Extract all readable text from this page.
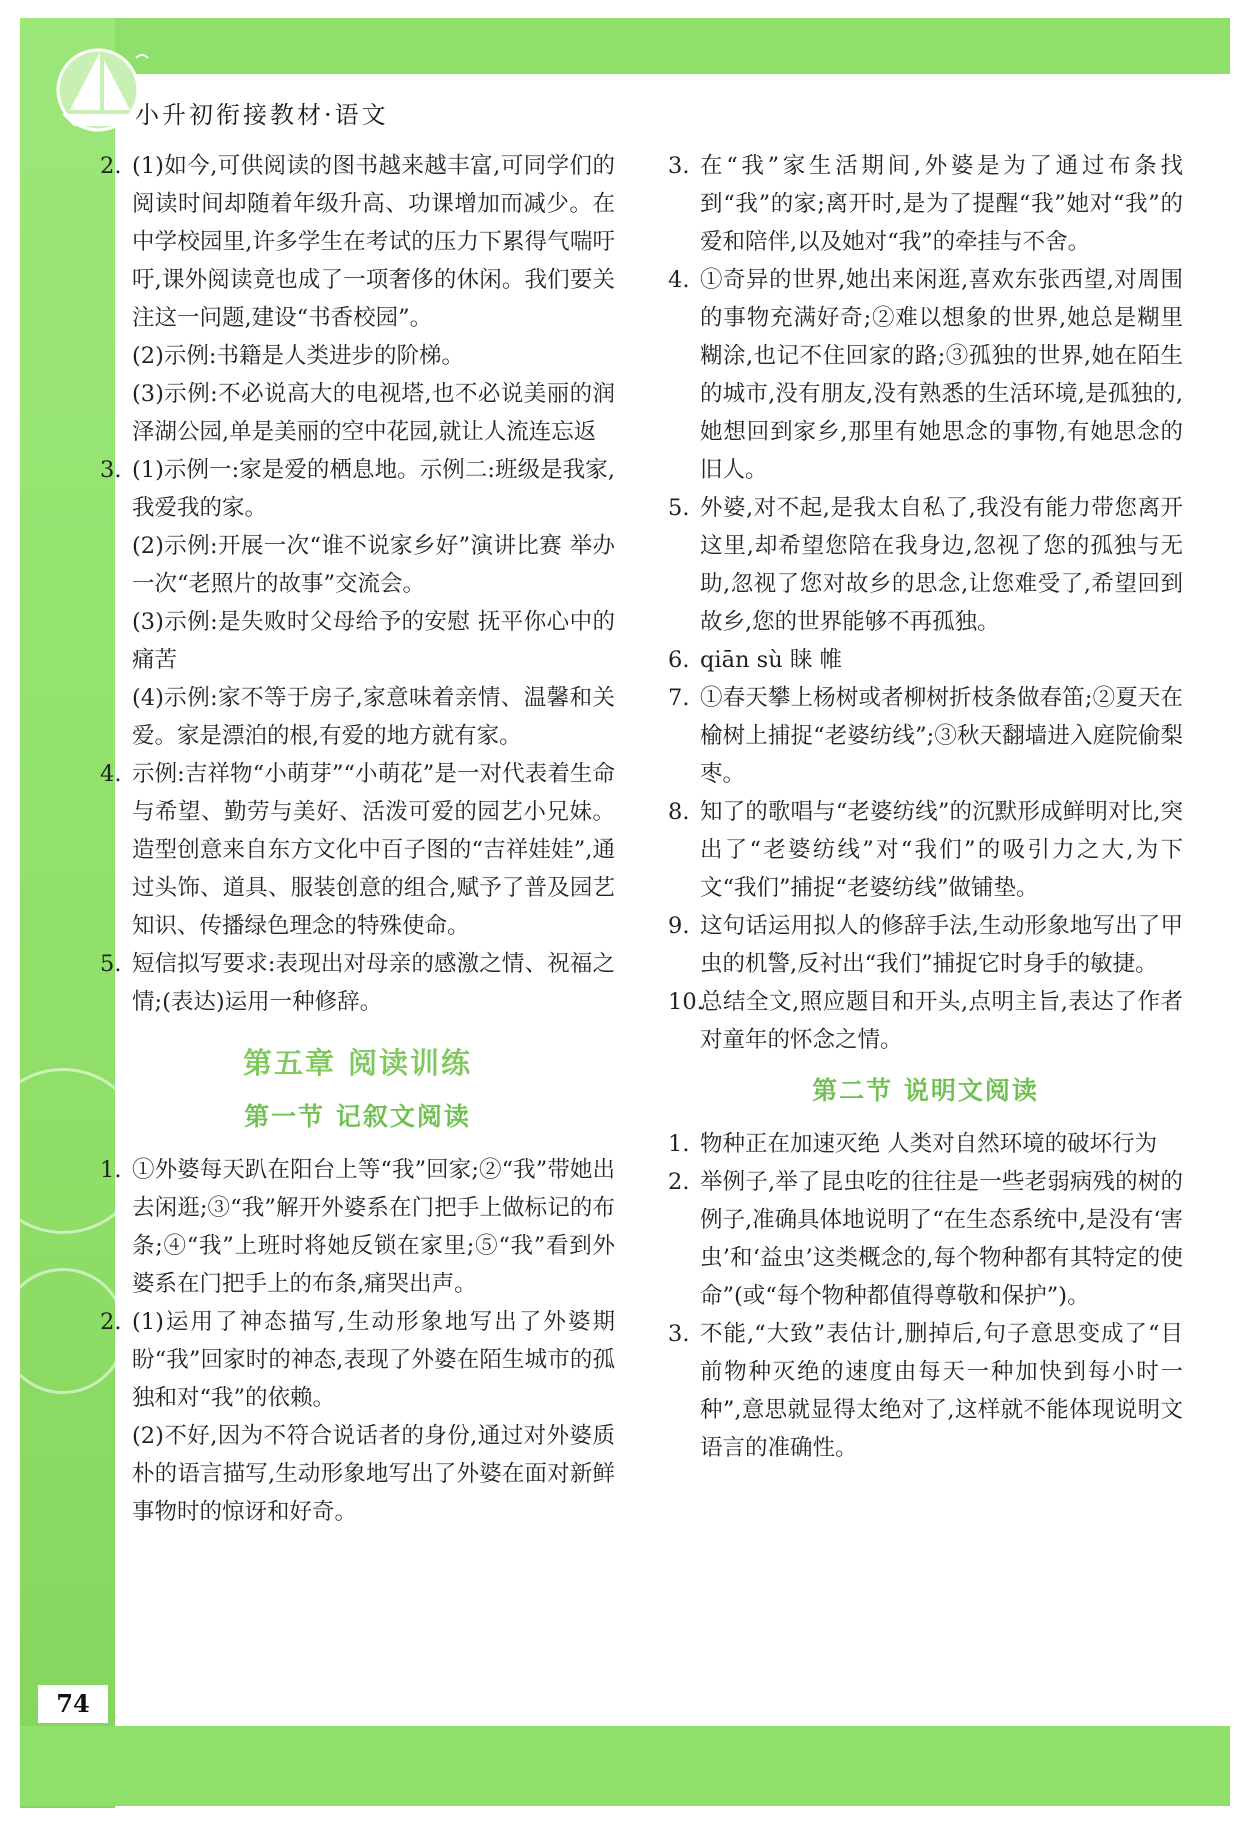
小升初衔接教材·语文

2. (1)如今,可供阅读的图书越来越丰富,可同学们的阅读时间却随着年级升高、功课增加而减少。在中学校园里,许多学生在考试的压力下累得气喘吁吁,课外阅读竟也成了一项奢侈的休闲。我们要关注这一问题,建设“书香校园”。

(2)示例:书籍是人类进步的阶梯。

(3)示例:不必说高大的电视塔,也不必说美丽的润泽湖公园,单是美丽的空中花园,就让人流连忘返

3. (1)示例一:家是爱的栖息地。示例二:班级是我家,我爱我的家。

(2)示例:开展一次“谁不说家乡好”演讲比赛 举办一次“老照片的故事”交流会。

(3)示例:是失败时父母给予的安慰 抚平你心中的痛苦

(4)示例:家不等于房子,家意味着亲情、温馨和关爱。家是漂泊的根,有爱的地方就有家。

4. 示例:吉祥物“小萌芽”“小萌花”是一对代表着生命与希望、勤劳与美好、活泼可爱的园艺小兄妹。造型创意来自东方文化中百子图的“吉祥娃娃”,通过头饰、道具、服装创意的组合,赋予了普及园艺知识、传播绿色理念的特殊使命。

5. 短信拟写要求:表现出对母亲的感激之情、祝福之情;(表达)运用一种修辞。

第五章 阅读训练
第一节 记叙文阅读

1. ①外婆每天趴在阳台上等“我”回家;②“我”带她出去闲逛;③“我”解开外婆系在门把手上做标记的布条;④“我”上班时将她反锁在家里;⑤“我”看到外婆系在门把手上的布条,痛哭出声。

2. (1)运用了神态描写,生动形象地写出了外婆期盼“我”回家时的神态,表现了外婆在陌生城市的孤独和对“我”的依赖。

(2)不好,因为不符合说话者的身份,通过对外婆质朴的语言描写,生动形象地写出了外婆在面对新鲜事物时的惊讶和好奇。

3. 在“我”家生活期间,外婆是为了通过布条找到“我”的家;离开时,是为了提醒“我”她对“我”的爱和陪伴,以及她对“我”的牵挂与不舍。

4. ①奇异的世界,她出来闲逛,喜欢东张西望,对周围的事物充满好奇;②难以想象的世界,她总是糊里糊涂,也记不住回家的路;③孤独的世界,她在陌生的城市,没有朋友,没有熟悉的生活环境,是孤独的,她想回到家乡,那里有她思念的事物,有她思念的旧人。

5. 外婆,对不起,是我太自私了,我没有能力带您离开这里,却希望您陪在我身边,忽视了您的孤独与无助,忽视了您对故乡的思念,让您难受了,希望回到故乡,您的世界能够不再孤独。

6. qiān sù 睐 帷

7. ①春天攀上杨树或者柳树折枝条做春笛;②夏天在榆树上捕捉“老婆纺线”;③秋天翻墙进入庭院偷梨枣。

8. 知了的歌唱与“老婆纺线”的沉默形成鲜明对比,突出了“老婆纺线”对“我们”的吸引力之大,为下文“我们”捕捉“老婆纺线”做铺垫。

9. 这句话运用拟人的修辞手法,生动形象地写出了甲虫的机警,反衬出“我们”捕捉它时身手的敏捷。

10.
总结全文,照应题目和开头,点明主旨,表达了作者对童年的怀念之情。

第二节 说明文阅读

1. 物种正在加速灭绝 人类对自然环境的破坏行为

2. 举例子,举了昆虫吃的往往是一些老弱病残的树的例子,准确具体地说明了“在生态系统中,是没有‘害虫’和‘益虫’这类概念的,每个物种都有其特定的使命”(或“每个物种都值得尊敬和保护”)。

3. 不能,“大致”表估计,删掉后,句子意思变成了“目前物种灭绝的速度由每天一种加快到每小时一种”,意思就显得太绝对了,这样就不能体现说明文语言的准确性。

74
